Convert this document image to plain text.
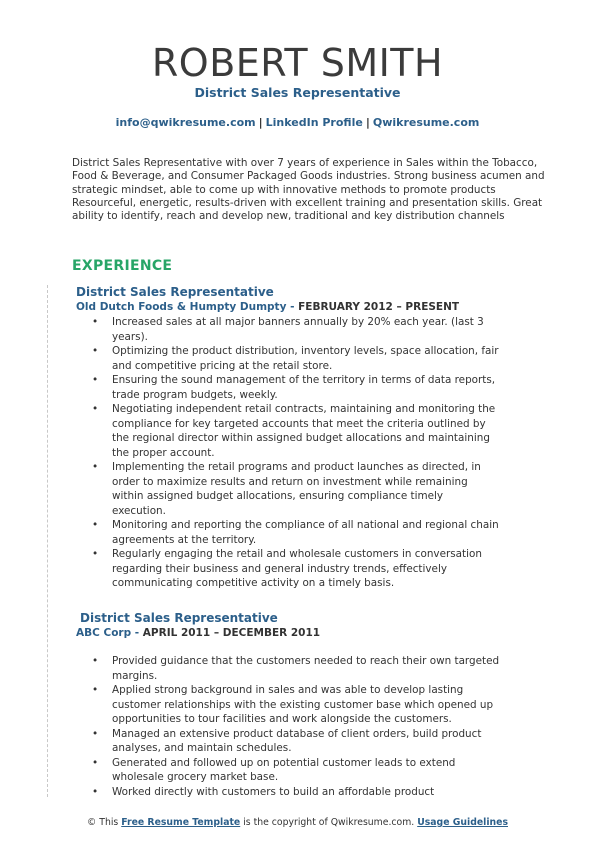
ROBERT SMITH
District Sales Representative
info@qwikresume.com | LinkedIn Profile | Qwikresume.com
District Sales Representative with over 7 years of experience in Sales within the Tobacco, Food & Beverage, and Consumer Packaged Goods industries. Strong business acumen and strategic mindset, able to come up with innovative methods to promote products Resourceful, energetic, results-driven with excellent training and presentation skills. Great ability to identify, reach and develop new, traditional and key distribution channels
EXPERIENCE
District Sales Representative
Old Dutch Foods & Humpty Dumpty - FEBRUARY 2012 – PRESENT
• Increased sales at all major banners annually by 20% each year. (last 3 years).
• Optimizing the product distribution, inventory levels, space allocation, fair and competitive pricing at the retail store.
• Ensuring the sound management of the territory in terms of data reports, trade program budgets, weekly.
• Negotiating independent retail contracts, maintaining and monitoring the compliance for key targeted accounts that meet the criteria outlined by the regional director within assigned budget allocations and maintaining the proper account.
• Implementing the retail programs and product launches as directed, in order to maximize results and return on investment while remaining within assigned budget allocations, ensuring compliance timely execution.
• Monitoring and reporting the compliance of all national and regional chain agreements at the territory.
• Regularly engaging the retail and wholesale customers in conversation regarding their business and general industry trends, effectively communicating competitive activity on a timely basis.
District Sales Representative
ABC Corp - APRIL 2011 – DECEMBER 2011
• Provided guidance that the customers needed to reach their own targeted margins.
• Applied strong background in sales and was able to develop lasting customer relationships with the existing customer base which opened up opportunities to tour facilities and work alongside the customers.
• Managed an extensive product database of client orders, build product analyses, and maintain schedules.
• Generated and followed up on potential customer leads to extend wholesale grocery market base.
• Worked directly with customers to build an affordable product
© This Free Resume Template is the copyright of Qwikresume.com. Usage Guidelines
